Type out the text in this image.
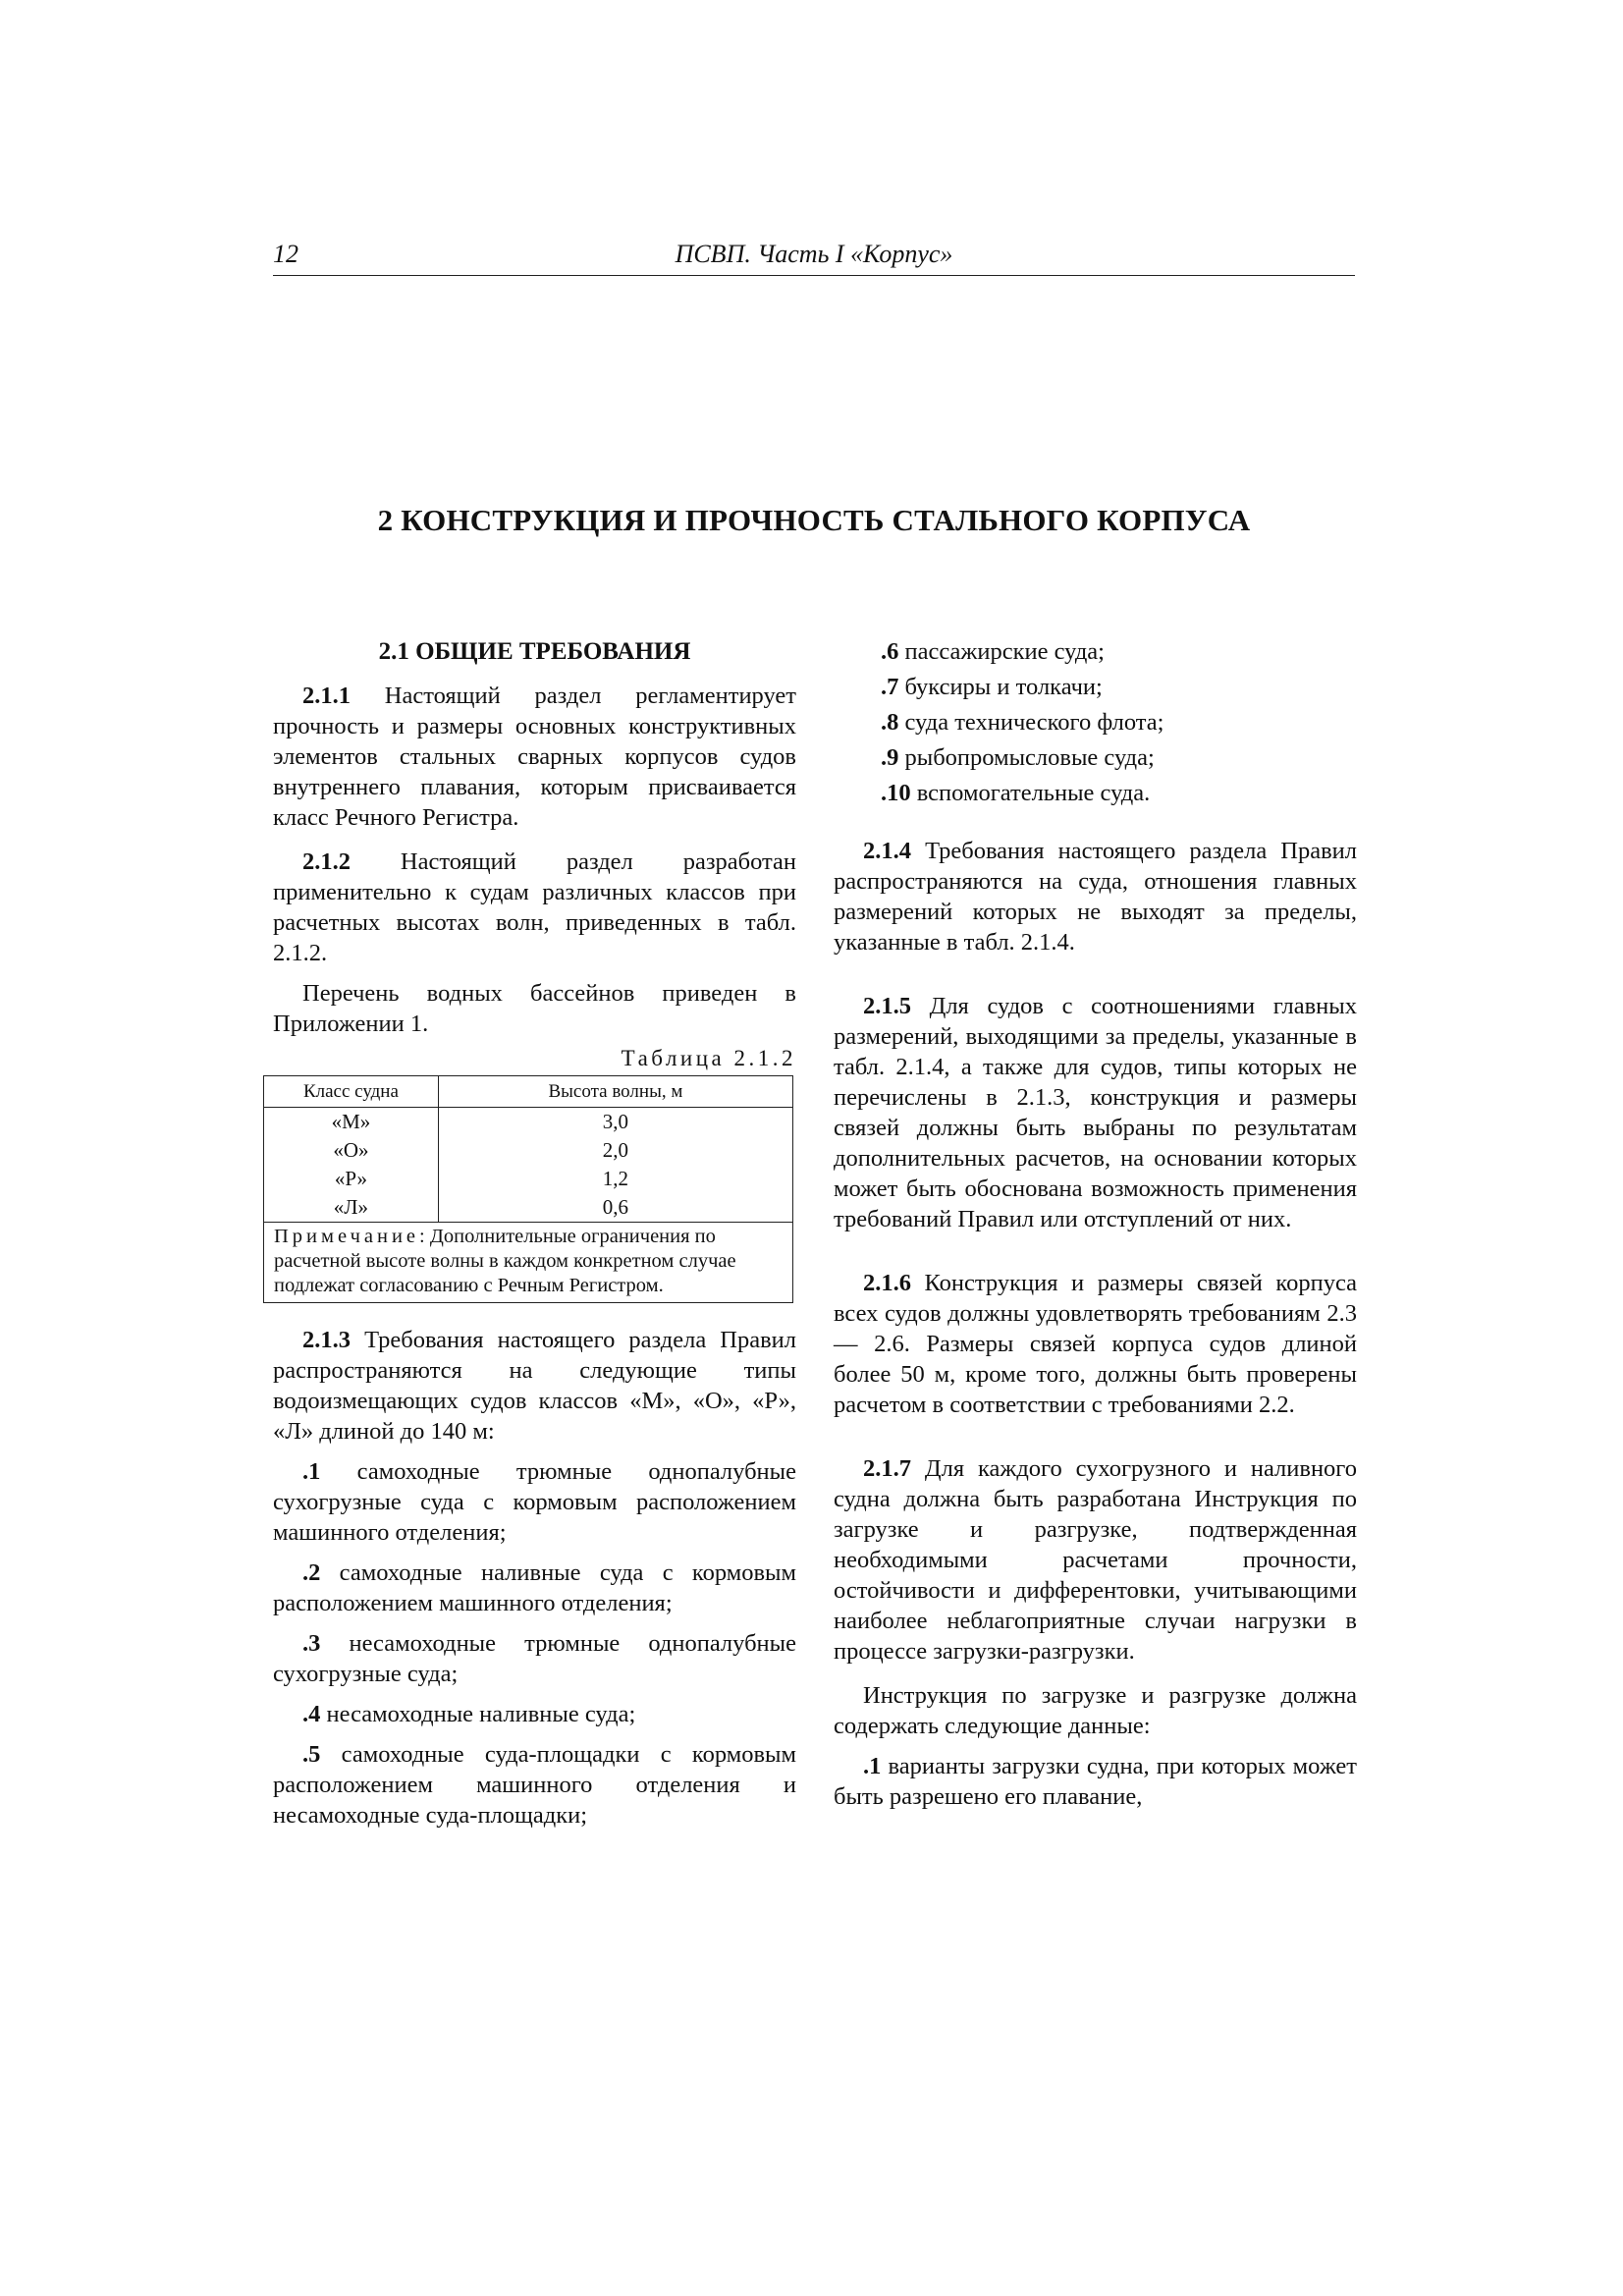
12	ПСВП. Часть I «Корпус»
2 КОНСТРУКЦИЯ И ПРОЧНОСТЬ СТАЛЬНОГО КОРПУСА
2.1 ОБЩИЕ ТРЕБОВАНИЯ

2.1.1 Настоящий раздел регламентирует прочность и размеры основных конструктивных элементов стальных сварных корпусов судов внутреннего плавания, которым присваивается класс Речного Регистра.

2.1.2 Настоящий раздел разработан применительно к судам различных классов при расчетных высотах волн, приведенных в табл. 2.1.2.

Перечень водных бассейнов приведен в Приложении 1.

Таблица 2.1.2
Класс судна	Высота волны, м
«М»	3,0
«О»	2,0
«Р»	1,2
«Л»	0,6
Примечание: Дополнительные ограничения по расчетной высоте волны в каждом конкретном случае подлежат согласованию с Речным Регистром.	

2.1.3 Требования настоящего раздела Правил распространяются на следующие типы водоизмещающих судов классов «М», «О», «Р», «Л» длиной до 140 м:

.1 самоходные трюмные однопалубные сухогрузные суда с кормовым расположением машинного отделения;

.2 самоходные наливные суда с кормовым расположением машинного отделения;

.3 несамоходные трюмные однопалубные сухогрузные суда;

.4 несамоходные наливные суда;

.5 самоходные суда-площадки с кормовым расположением машинного отделения и несамоходные суда-площадки;

.6 пассажирские суда;
.7 буксиры и толкачи;
.8 суда технического флота;
.9 рыбопромысловые суда;
.10 вспомогательные суда.

2.1.4 Требования настоящего раздела Правил распространяются на суда, отношения главных размерений которых не выходят за пределы, указанные в табл. 2.1.4.

2.1.5 Для судов с соотношениями главных размерений, выходящими за пределы, указанные в табл. 2.1.4, а также для судов, типы которых не перечислены в 2.1.3, конструкция и размеры связей должны быть выбраны по результатам дополнительных расчетов, на основании которых может быть обоснована возможность применения требований Правил или отступлений от них.

2.1.6 Конструкция и размеры связей корпуса всех судов должны удовлетворять требованиям 2.3 — 2.6. Размеры связей корпуса судов длиной более 50 м, кроме того, должны быть проверены расчетом в соответствии с требованиями 2.2.

2.1.7 Для каждого сухогрузного и наливного судна должна быть разработана Инструкция по загрузке и разгрузке, подтвержденная необходимыми расчетами прочности, остойчивости и дифферентовки, учитывающими наиболее неблагоприятные случаи нагрузки в процессе загрузки-разгрузки.

Инструкция по загрузке и разгрузке должна содержать следующие данные:

.1 варианты загрузки судна, при которых может быть разрешено его плавание,
